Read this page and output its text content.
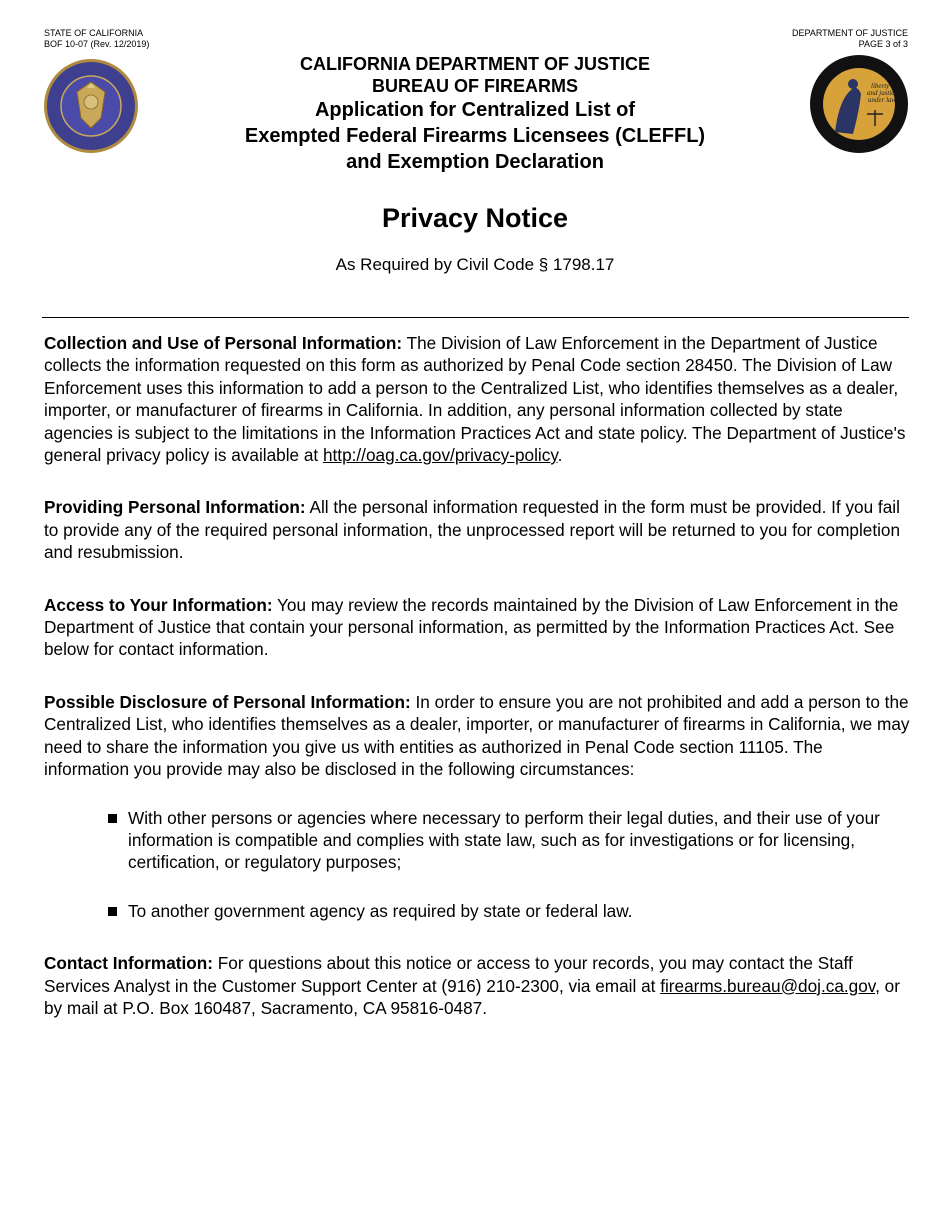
STATE OF CALIFORNIA
BOF 10-07 (Rev. 12/2019)
DEPARTMENT OF JUSTICE
PAGE 3 of 3
liberty
and justice
under law
CALIFORNIA DEPARTMENT OF JUSTICE
BUREAU OF FIREARMS
Application for Centralized List of
Exempted Federal Firearms Licensees (CLEFFL)
and Exemption Declaration
Privacy Notice
As Required by Civil Code § 1798.17

Collection and Use of Personal Information: The Division of Law Enforcement in the Department of Justice collects the information requested on this form as authorized by Penal Code section 28450. The Division of Law Enforcement uses this information to add a person to the Centralized List, who identifies themselves as a dealer, importer, or manufacturer of firearms in California. In addition, any personal information collected by state agencies is subject to the limitations in the Information Practices Act and state policy. The Department of Justice's general privacy policy is available at http://oag.ca.gov/privacy-policy.

Providing Personal Information: All the personal information requested in the form must be provided. If you fail to provide any of the required personal information, the unprocessed report will be returned to you for completion and resubmission.

Access to Your Information: You may review the records maintained by the Division of Law Enforcement in the Department of Justice that contain your personal information, as permitted by the Information Practices Act. See below for contact information.

Possible Disclosure of Personal Information: In order to ensure you are not prohibited and add a person to the Centralized List, who identifies themselves as a dealer, importer, or manufacturer of firearms in California, we may need to share the information you give us with entities as authorized in Penal Code section 11105. The information you provide may also be disclosed in the following circumstances:

With other persons or agencies where necessary to perform their legal duties, and their use of your information is compatible and complies with state law, such as for investigations or for licensing, certification, or regulatory purposes;
To another government agency as required by state or federal law.

Contact Information: For questions about this notice or access to your records, you may contact the Staff Services Analyst in the Customer Support Center at (916) 210-2300, via email at firearms.bureau@doj.ca.gov, or by mail at P.O. Box 160487, Sacramento, CA 95816-0487.
